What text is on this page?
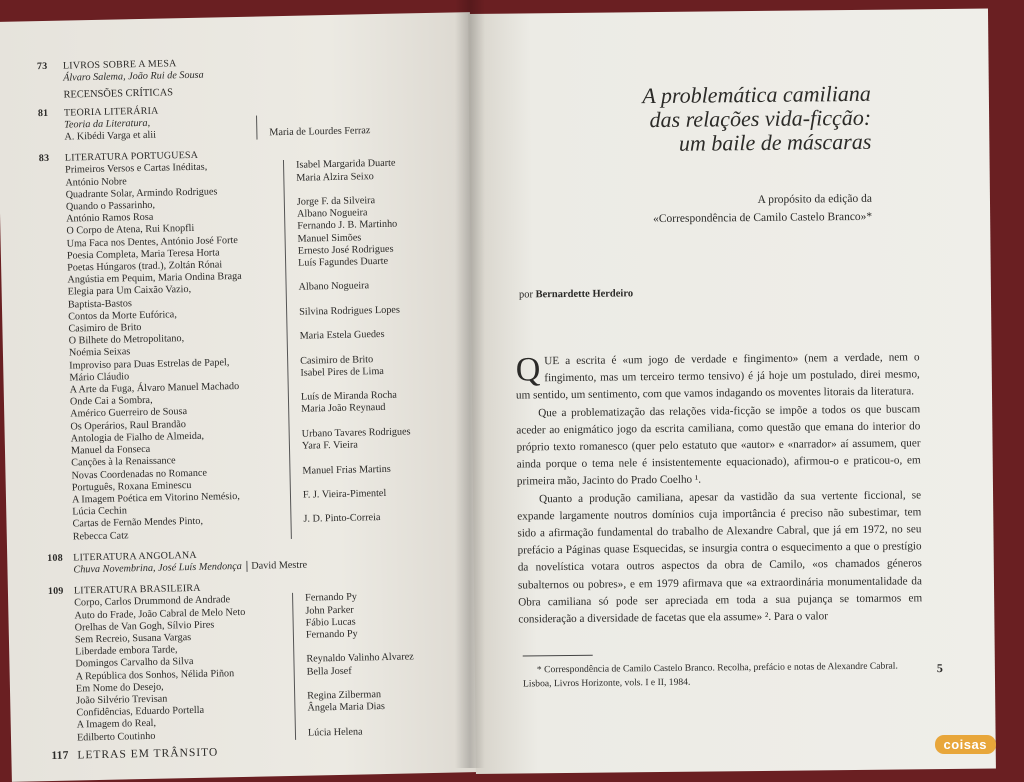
73 LIVROS SOBRE A MESA
Álvaro Salema, João Rui de Sousa
RECENSÕES CRÍTICAS
81 TEORIA LITERÁRIA
Teoria da Literatura,
A. Kibédi Varga et alii	Maria de Lourdes Ferraz
83 LITERATURA PORTUGUESA
Primeiros Versos e Cartas Inéditas,
António Nobre
Quadrante Solar, Armindo Rodrigues
Quando o Passarinho,
António Ramos Rosa
O Corpo de Atena, Rui Knopfli
Uma Faca nos Dentes, António José Forte
Poesia Completa, Maria Teresa Horta
Poetas Húngaros (trad.), Zoltán Rónai
Angústia em Pequim, Maria Ondina Braga
Elegia para Um Caixão Vazio,
Baptista-Bastos
Contos da Morte Eufórica,
Casimiro de Brito
O Bilhete do Metropolitano,
Noémia Seixas
Improviso para Duas Estrelas de Papel,
Mário Cláudio
A Arte da Fuga, Álvaro Manuel Machado
Onde Cai a Sombra,
Américo Guerreiro de Sousa
Os Operários, Raul Brandão
Antologia de Fialho de Almeida,
Manuel da Fonseca
Canções à la Renaissance
Novas Coordenadas no Romance
Português, Roxana Eminescu
A Imagem Poética em Vitorino Nemésio,
Lúcia Cechin
Cartas de Fernão Mendes Pinto,
Rebecca Catz
Isabel Margarida Duarte
Maria Alzira Seixo

Jorge F. da Silveira
Albano Nogueira
Fernando J. B. Martinho
Manuel Simões
Ernesto José Rodrigues
Luís Fagundes Duarte

Albano Nogueira

Silvina Rodrigues Lopes

Maria Estela Guedes

Casimiro de Brito
Isabel Pires de Lima

Luís de Miranda Rocha
Maria João Reynaud

Urbano Tavares Rodrigues
Yara F. Vieira

Manuel Frias Martins

F. J. Vieira-Pimentel

J. D. Pinto-Correia
108 LITERATURA ANGOLANA
Chuva Novembrina, José Luís Mendonça David Mestre
109 LITERATURA BRASILEIRA
Corpo, Carlos Drummond de Andrade
Auto do Frade, João Cabral de Melo Neto
Orelhas de Van Gogh, Sílvio Pires
Sem Recreio, Susana Vargas
Liberdade embora Tarde,
Domingos Carvalho da Silva
A República dos Sonhos, Nélida Piñon
Em Nome do Desejo,
João Silvério Trevisan
Confidências, Eduardo Portella
A Imagem do Real,
Edilberto Coutinho
Fernando Py
John Parker
Fábio Lucas
Fernando Py

Reynaldo Valinho Alvarez
Bella Josef

Regina Zilberman
Ângela Maria Dias

Lúcia Helena
117 LETRAS EM TRÂNSITO
A problemática camiliana
das relações vida-ficção:
um baile de máscaras
A propósito da edição da
«Correspondência de Camilo Castelo Branco»*
por Bernardette Herdeiro

QUE a escrita é «um jogo de verdade e fingimento» (nem a verdade, nem o fingimento, mas um terceiro termo tensivo) é já hoje um postulado, direi mesmo, um sentido, um sentimento, com que vamos indagando os moventes litorais da literatura.

Que a problematização das relações vida-ficção se impõe a todos os que buscam aceder ao enigmático jogo da escrita camiliana, como questão que emana do interior do próprio texto romanesco (quer pelo estatuto que «autor» e «narrador» aí assumem, quer ainda porque o tema nele é insistentemente equacionado), afirmou-o e praticou-o, em primeira mão, Jacinto do Prado Coelho ¹.

Quanto a produção camiliana, apesar da vastidão da sua vertente ficcional, se expande largamente noutros domínios cuja importância é preciso não subestimar, tem sido a afirmação fundamental do trabalho de Alexandre Cabral, que já em 1972, no seu prefácio a Páginas quase Esquecidas, se insurgia contra o esquecimento a que o prestígio da novelística votara outros aspectos da obra de Camilo, «os chamados géneros subalternos ou pobres», e em 1979 afirmava que «a extraordinária monumentalidade da Obra camiliana só pode ser apreciada em toda a sua pujança se tomarmos em consideração a diversidade de facetas que ela assume» ². Para o valor

* Correspondência de Camilo Castelo Branco. Recolha, prefácio e notas de Alexandre Cabral. Lisboa, Livros Horizonte, vols. I e II, 1984.
5
coisas
